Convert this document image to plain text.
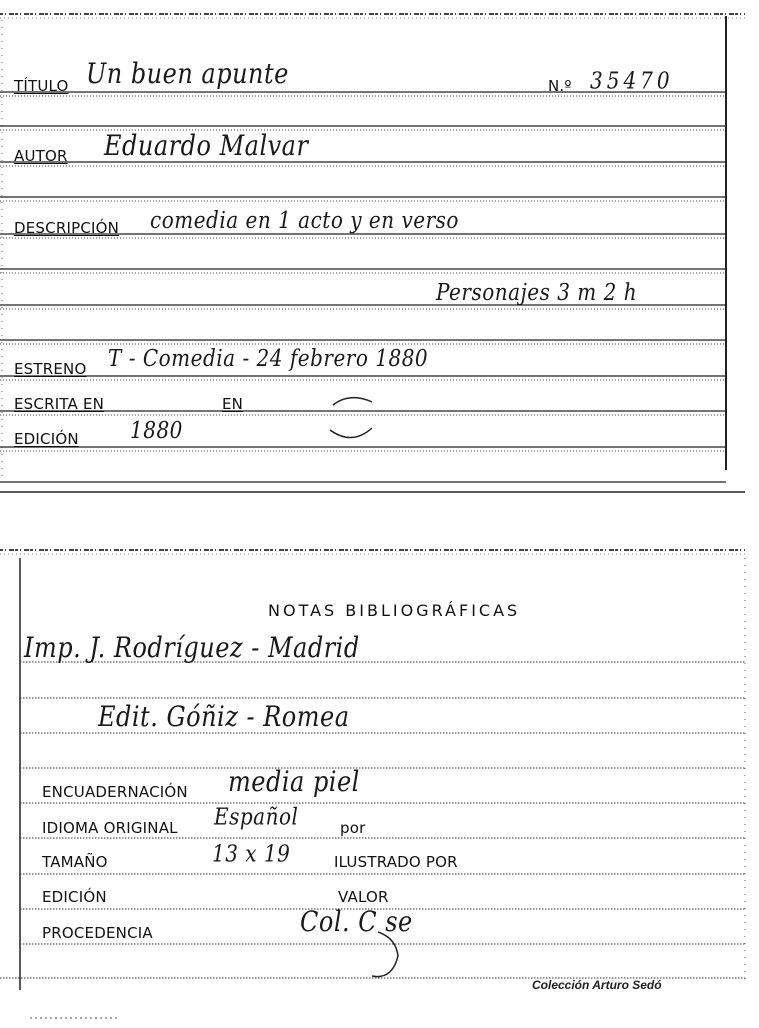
TÍTULO Un buen apunte	N.º 35470
AUTOR Eduardo Malvar
DESCRIPCIÓN comedia en 1 acto y en verso
Personajes 3 m 2 h
ESTRENO T - Comedia - 24 febrero 1880
ESCRITA EN	EN
EDICIÓN	1880
NOTAS BIBLIOGRÁFICAS
Imp. J. Rodríguez - Madrid
Edit. Góñiz - Romea
ENCUADERNACIÓN media piel
IDIOMA ORIGINAL Español	por
TAMAÑO	13 x 19	ILUSTRADO POR
EDICIÓN	VALOR
PROCEDENCIA	Col. C se
Colección Arturo Sedó
